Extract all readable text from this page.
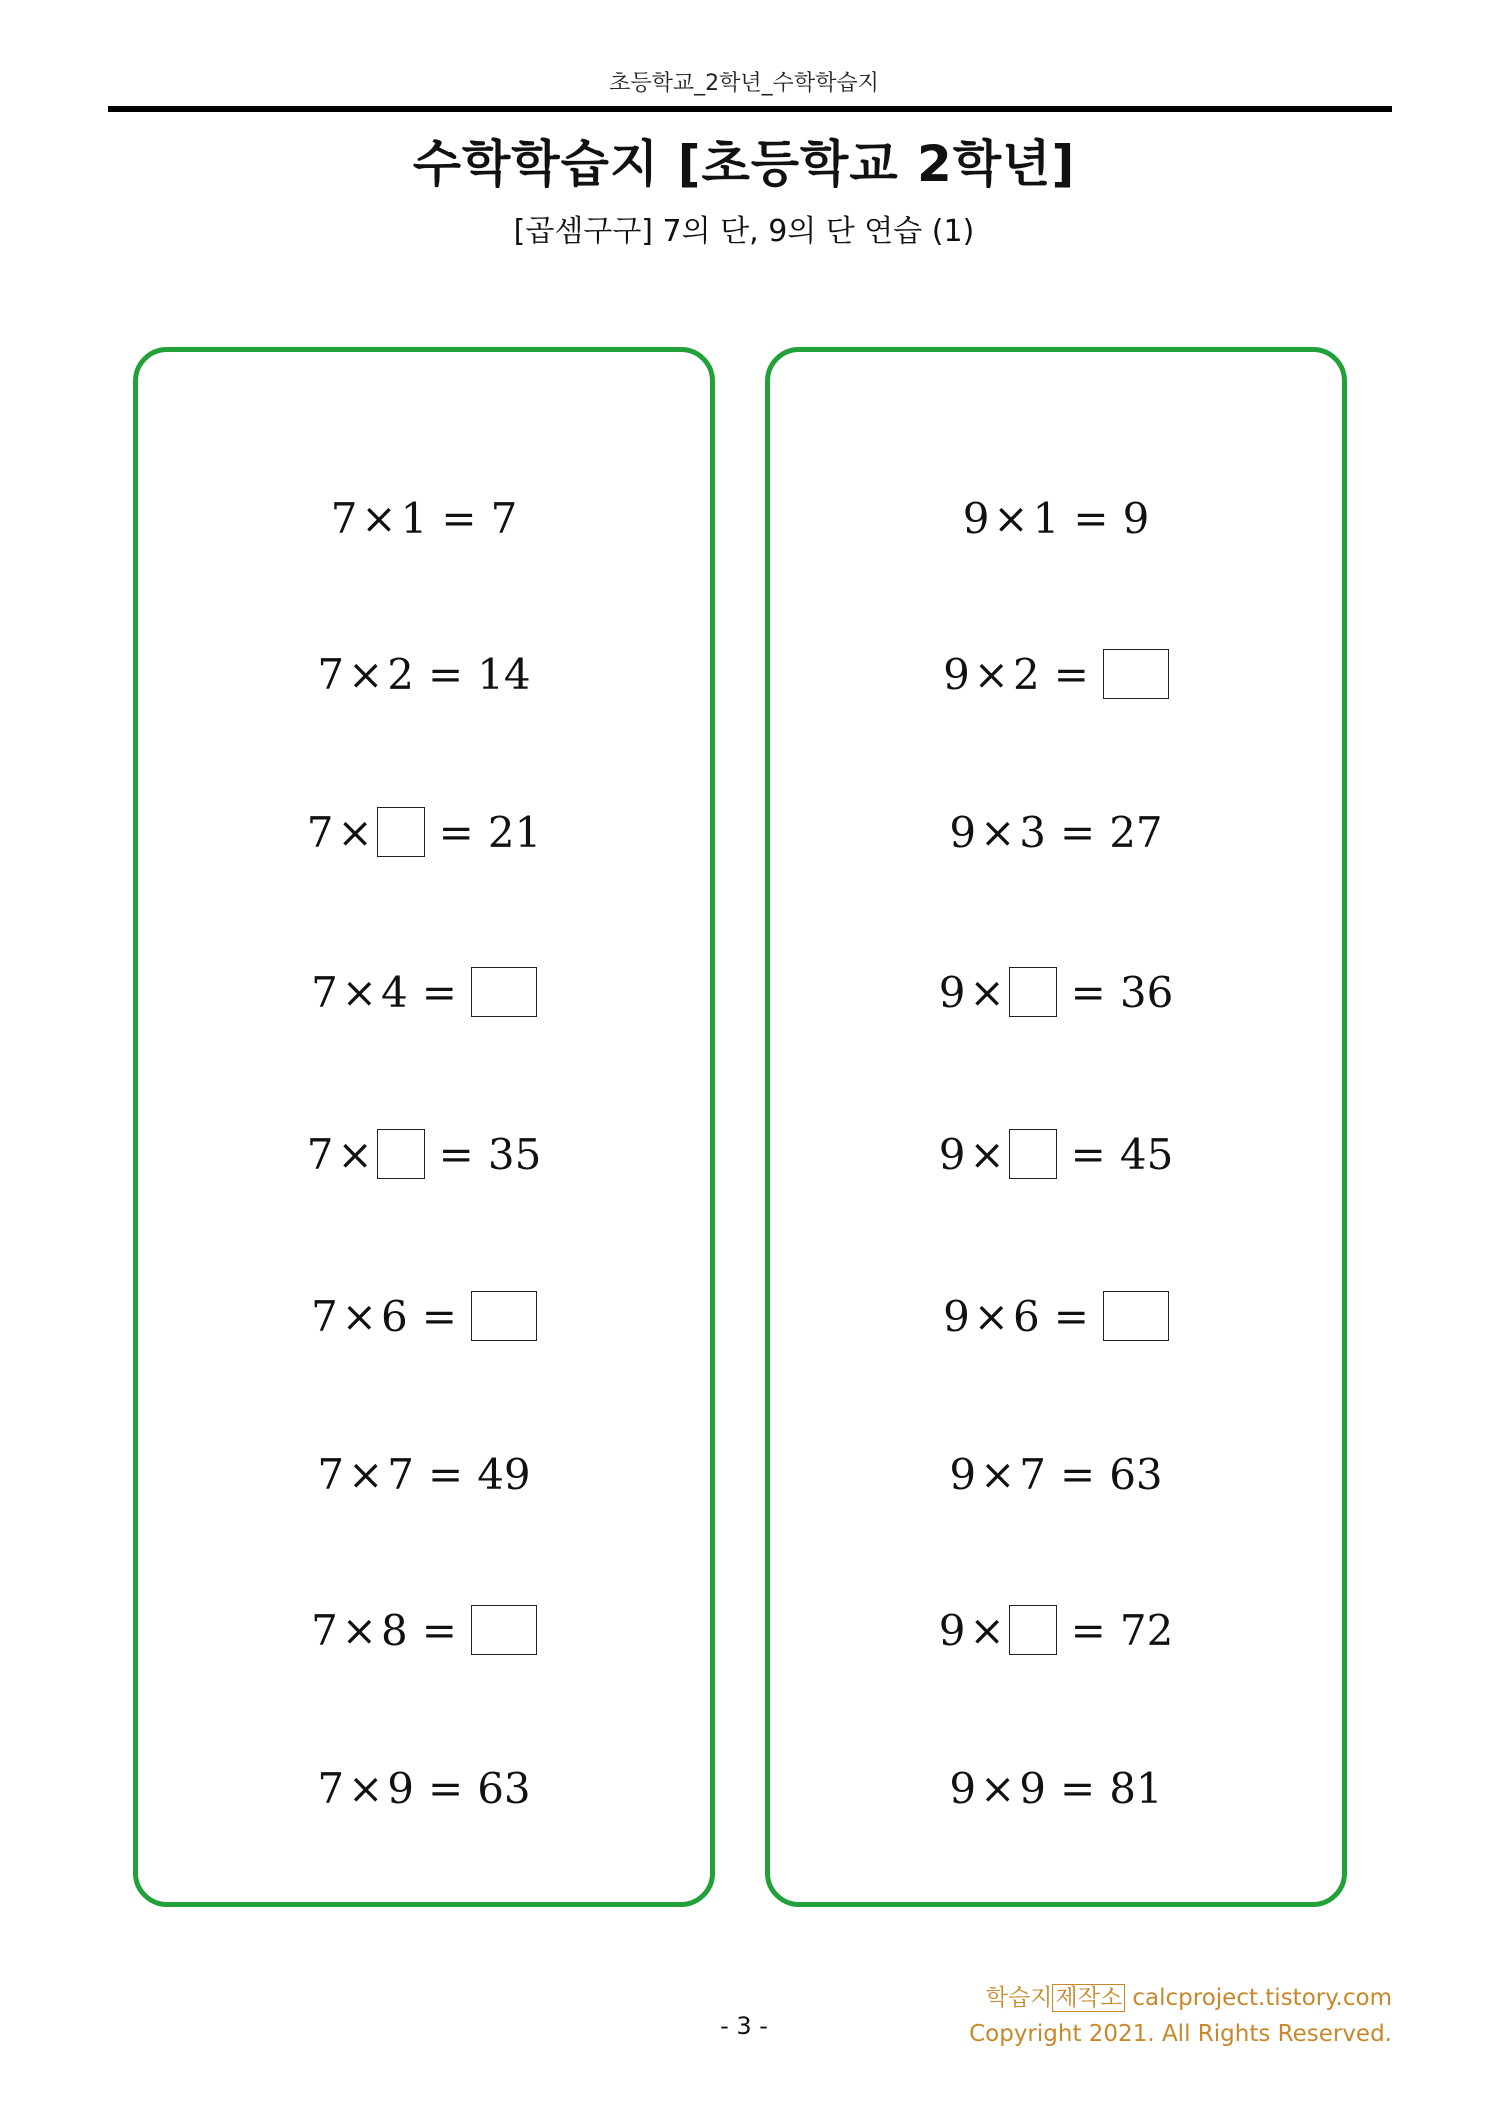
초등학교_2학년_수학학습지
수학학습지 [초등학교 2학년]
[곱셈구구] 7의 단, 9의 단 연습 (1)
7 × 1 = 7
7 × 2 = 14
7 × = 21
7 × 4 =
7 × = 35
7 × 6 =
7 × 7 = 49
7 × 8 =
7 × 9 = 63
9 × 1 = 9
9 × 2 =
9 × 3 = 27
9 × = 36
9 × = 45
9 × 6 =
9 × 7 = 63
9 × = 72
9 × 9 = 81
- 3 -
학습지 제작소 calcproject.tistory.com
Copyright 2021. All Rights Reserved.
